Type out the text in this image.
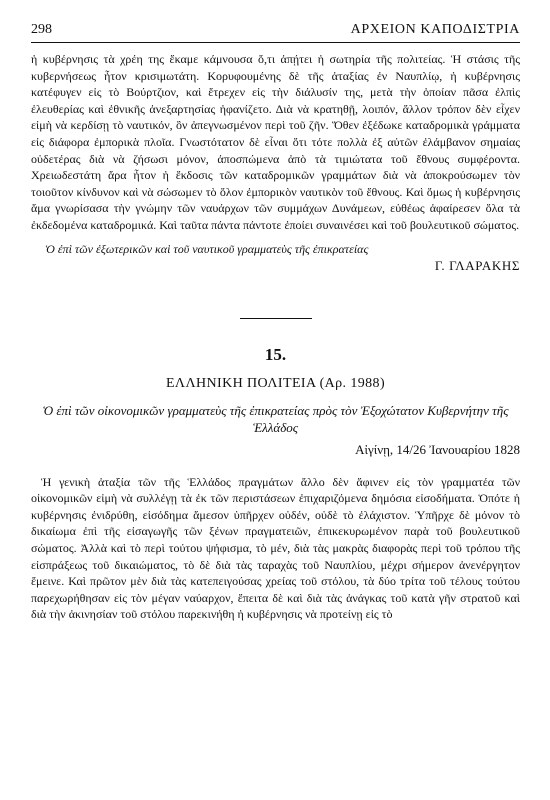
298	ΑΡΧΕΙΟΝ ΚΑΠΟΔΙΣΤΡΙΑ

ἡ κυβέρνησις τὰ χρέη της ἔκαμε κάμνουσα ὅ,τι ἀπῄτει ἡ σωτηρία τῆς πολιτείας. Ἡ στάσις τῆς κυβερνήσεως ἦτον κρισιμωτάτη. Κορυφουμένης δὲ τῆς ἀταξίας ἐν Ναυπλίῳ, ἡ κυβέρνησις κατέφυγεν εἰς τὸ Βούρτζιον, καὶ ἔτρεχεν εἰς τὴν διάλυσίν της, μετὰ τὴν ὁποίαν πᾶσα ἐλπὶς ἐλευθερίας καὶ ἐθνικῆς ἀνεξαρτησίας ἠφανίζετο. Διὰ νὰ κρατηθῇ, λοιπόν, ἄλλον τρόπον δὲν εἶχεν εἰμὴ νὰ κερδίσῃ τὸ ναυτικόν, ὃν ἀπεγνωσμένον περὶ τοῦ ζῆν. Ὅθεν ἐξέδωκε καταδρομικὰ γράμματα εἰς διάφορα ἐμπορικὰ πλοῖα. Γνωστότατον δὲ εἶναι ὅτι τότε πολλὰ ἐξ αὐτῶν ἐλάμβανον σημαίας οὐδετέρας διὰ νὰ ζήσωσι μόνον, ἀποσπώμενα ἀπὸ τὰ τιμιώτατα τοῦ ἔθνους συμφέροντα. Χρειωδεστάτη ἄρα ἦτον ἡ ἔκδοσις τῶν καταδρομικῶν γραμμάτων διὰ νὰ ἀποκρούσωμεν τὸν τοιοῦτον κίνδυνον καὶ νὰ σώσωμεν τὸ ὅλον ἐμπορικὸν ναυτικὸν τοῦ ἔθνους. Καὶ ὅμως ἡ κυβέρνησις ἅμα γνωρίσασα τὴν γνώμην τῶν ναυάρχων τῶν συμμάχων Δυνάμεων, εὐθέως ἀφαίρεσεν ὅλα τὰ ἐκδεδομένα καταδρομικά. Καὶ ταῦτα πάντα πάντοτε ἐποίει συναινέσει καὶ τοῦ βουλευτικοῦ σώματος.

Ὁ ἐπὶ τῶν ἐξωτερικῶν καὶ τοῦ ναυτικοῦ γραμματεὺς τῆς ἐπικρατείας
Γ. ΓΛΑΡΑΚΗΣ
15.
ΕΛΛΗΝΙΚΗ ΠΟΛΙΤΕΙΑ (Αρ. 1988)
Ὁ ἐπὶ τῶν οἰκονομικῶν γραμματεὺς τῆς ἐπικρατείας πρὸς τὸν Ἐξοχώτατον Κυβερνήτην τῆς Ἑλλάδος
Αἰγίνῃ, 14/26 Ἰανουαρίου 1828

Ἡ γενικὴ ἀταξία τῶν τῆς Ἑλλάδος πραγμάτων ἄλλο δὲν ἄφινεν εἰς τὸν γραμματέα τῶν οἰκονομικῶν εἰμὴ νὰ συλλέγῃ τὰ ἐκ τῶν περιστάσεων ἐπιχαριζόμενα δημόσια εἰσοδήματα. Ὁπότε ἡ κυβέρνησις ἐνιδρύθη, εἰσόδημα ἄμεσον ὑπῆρχεν οὐδέν, οὐδὲ τὸ ἐλάχιστον. Ὑπῆρχε δὲ μόνον τὸ δικαίωμα ἐπὶ τῆς εἰσαγωγῆς τῶν ξένων πραγματειῶν, ἐπικεκυρωμένον παρὰ τοῦ βουλευτικοῦ σώματος. Ἀλλὰ καὶ τὸ περὶ τούτου ψήφισμα, τὸ μέν, διὰ τὰς μακρὰς διαφορὰς περὶ τοῦ τρόπου τῆς εἰσπράξεως τοῦ δικαιώματος, τὸ δὲ διὰ τὰς ταραχὰς τοῦ Ναυπλίου, μέχρι σήμερον ἀνενέργητον ἔμεινε. Καὶ πρῶτον μὲν διὰ τὰς κατεπειγούσας χρείας τοῦ στόλου, τὰ δύο τρίτα τοῦ τέλους τούτου παρεχωρήθησαν εἰς τὸν μέγαν ναύαρχον, ἔπειτα δὲ καὶ διὰ τὰς ἀνάγκας τοῦ κατὰ γῆν στρατοῦ καὶ διὰ τὴν ἀκινησίαν τοῦ στόλου παρεκινήθη ἡ κυβέρνησις νὰ προτείνῃ εἰς τὸ
